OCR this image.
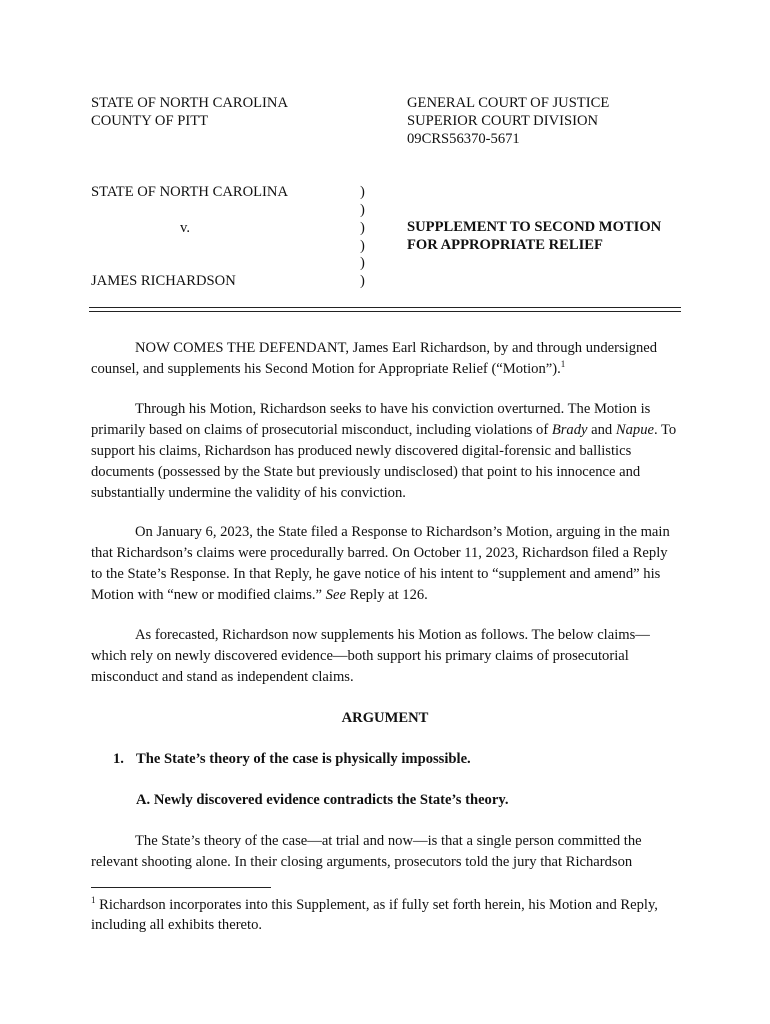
STATE OF NORTH CAROLINA
COUNTY OF PITT
GENERAL COURT OF JUSTICE
SUPERIOR COURT DIVISION
09CRS56370-5671
STATE OF NORTH CAROLINA
v.
JAMES RICHARDSON
)
)
)
)
)
)
SUPPLEMENT TO SECOND MOTION
FOR APPROPRIATE RELIEF
NOW COMES THE DEFENDANT, James Earl Richardson, by and through undersigned counsel, and supplements his Second Motion for Appropriate Relief (“Motion”).$^1$
Through his Motion, Richardson seeks to have his conviction overturned. The Motion is primarily based on claims of prosecutorial misconduct, including violations of Brady and Napue. To support his claims, Richardson has produced newly discovered digital-forensic and ballistics documents (possessed by the State but previously undisclosed) that point to his innocence and substantially undermine the validity of his conviction.
On January 6, 2023, the State filed a Response to Richardson’s Motion, arguing in the main that Richardson’s claims were procedurally barred. On October 11, 2023, Richardson filed a Reply to the State’s Response. In that Reply, he gave notice of his intent to “supplement and amend” his Motion with “new or modified claims.” See Reply at 126.
As forecasted, Richardson now supplements his Motion as follows. The below claims—which rely on newly discovered evidence—both support his primary claims of prosecutorial misconduct and stand as independent claims.
ARGUMENT
1. The State’s theory of the case is physically impossible.
A. Newly discovered evidence contradicts the State’s theory.
The State’s theory of the case—at trial and now—is that a single person committed the relevant shooting alone. In their closing arguments, prosecutors told the jury that Richardson
$^1$ Richardson incorporates into this Supplement, as if fully set forth herein, his Motion and Reply, including all exhibits thereto.
